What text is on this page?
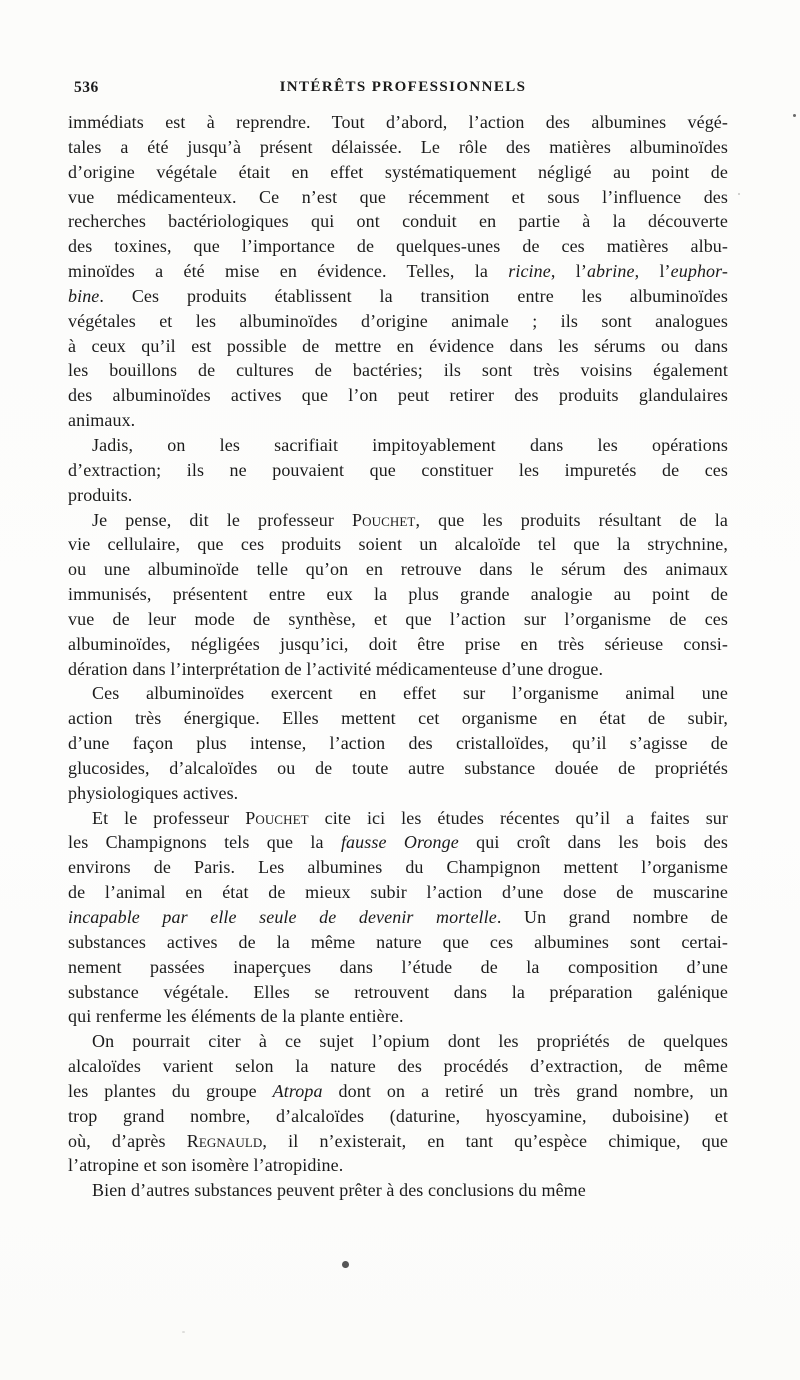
536	INTÉRÊTS PROFESSIONNELS
immédiats est à reprendre. Tout d’abord, l’action des albumines végé-
tales a été jusqu’à présent délaissée. Le rôle des matières albuminoïdes
d’origine végétale était en effet systématiquement négligé au point de
vue médicamenteux. Ce n’est que récemment et sous l’influence des
recherches bactériologiques qui ont conduit en partie à la découverte
des toxines, que l’importance de quelques-unes de ces matières albu-
minoïdes a été mise en évidence. Telles, la ricine, l’abrine, l’euphor-
bine. Ces produits établissent la transition entre les albuminoïdes
végétales et les albuminoïdes d’origine animale ; ils sont analogues
à ceux qu’il est possible de mettre en évidence dans les sérums ou dans
les bouillons de cultures de bactéries; ils sont très voisins également
des albuminoïdes actives que l’on peut retirer des produits glandulaires
animaux.
Jadis, on les sacrifiait impitoyablement dans les opérations
d’extraction; ils ne pouvaient que constituer les impuretés de ces
produits.
Je pense, dit le professeur Pouchet, que les produits résultant de la
vie cellulaire, que ces produits soient un alcaloïde tel que la strychnine,
ou une albuminoïde telle qu’on en retrouve dans le sérum des animaux
immunisés, présentent entre eux la plus grande analogie au point de
vue de leur mode de synthèse, et que l’action sur l’organisme de ces
albuminoïdes, négligées jusqu’ici, doit être prise en très sérieuse consi-
dération dans l’interprétation de l’activité médicamenteuse d’une drogue.
Ces albuminoïdes exercent en effet sur l’organisme animal une
action très énergique. Elles mettent cet organisme en état de subir,
d’une façon plus intense, l’action des cristalloïdes, qu’il s’agisse de
glucosides, d’alcaloïdes ou de toute autre substance douée de propriétés
physiologiques actives.
Et le professeur Pouchet cite ici les études récentes qu’il a faites sur
les Champignons tels que la fausse Oronge qui croît dans les bois des
environs de Paris. Les albumines du Champignon mettent l’organisme
de l’animal en état de mieux subir l’action d’une dose de muscarine
incapable par elle seule de devenir mortelle. Un grand nombre de
substances actives de la même nature que ces albumines sont certai-
nement passées inaperçues dans l’étude de la composition d’une
substance végétale. Elles se retrouvent dans la préparation galénique
qui renferme les éléments de la plante entière.
On pourrait citer à ce sujet l’opium dont les propriétés de quelques
alcaloïdes varient selon la nature des procédés d’extraction, de même
les plantes du groupe Atropa dont on a retiré un très grand nombre, un
trop grand nombre, d’alcaloïdes (daturine, hyoscyamine, duboisine) et
où, d’après Regnauld, il n’existerait, en tant qu’espèce chimique, que
l’atropine et son isomère l’atropidine.
Bien d’autres substances peuvent prêter à des conclusions du même
